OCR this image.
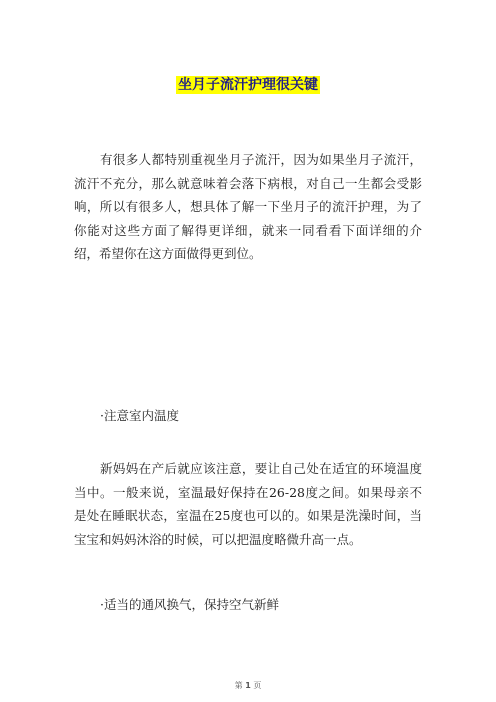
坐月子流汗护理很关键

有很多人都特别重视坐月子流汗，因为如果坐月子流汗，流汗不充分，那么就意味着会落下病根，对自己一生都会受影响，所以有很多人，想具体了解一下坐月子的流汗护理，为了你能对这些方面了解得更详细，就来一同看看下面详细的介绍，希望你在这方面做得更到位。

·注意室内温度

新妈妈在产后就应该注意，要让自己处在适宜的环境温度当中。一般来说，室温最好保持在26-28度之间。如果母亲不是处在睡眠状态，室温在25度也可以的。如果是洗澡时间，当宝宝和妈妈沐浴的时候，可以把温度略微升高一点。

·适当的通风换气，保持空气新鲜

第 1 页
